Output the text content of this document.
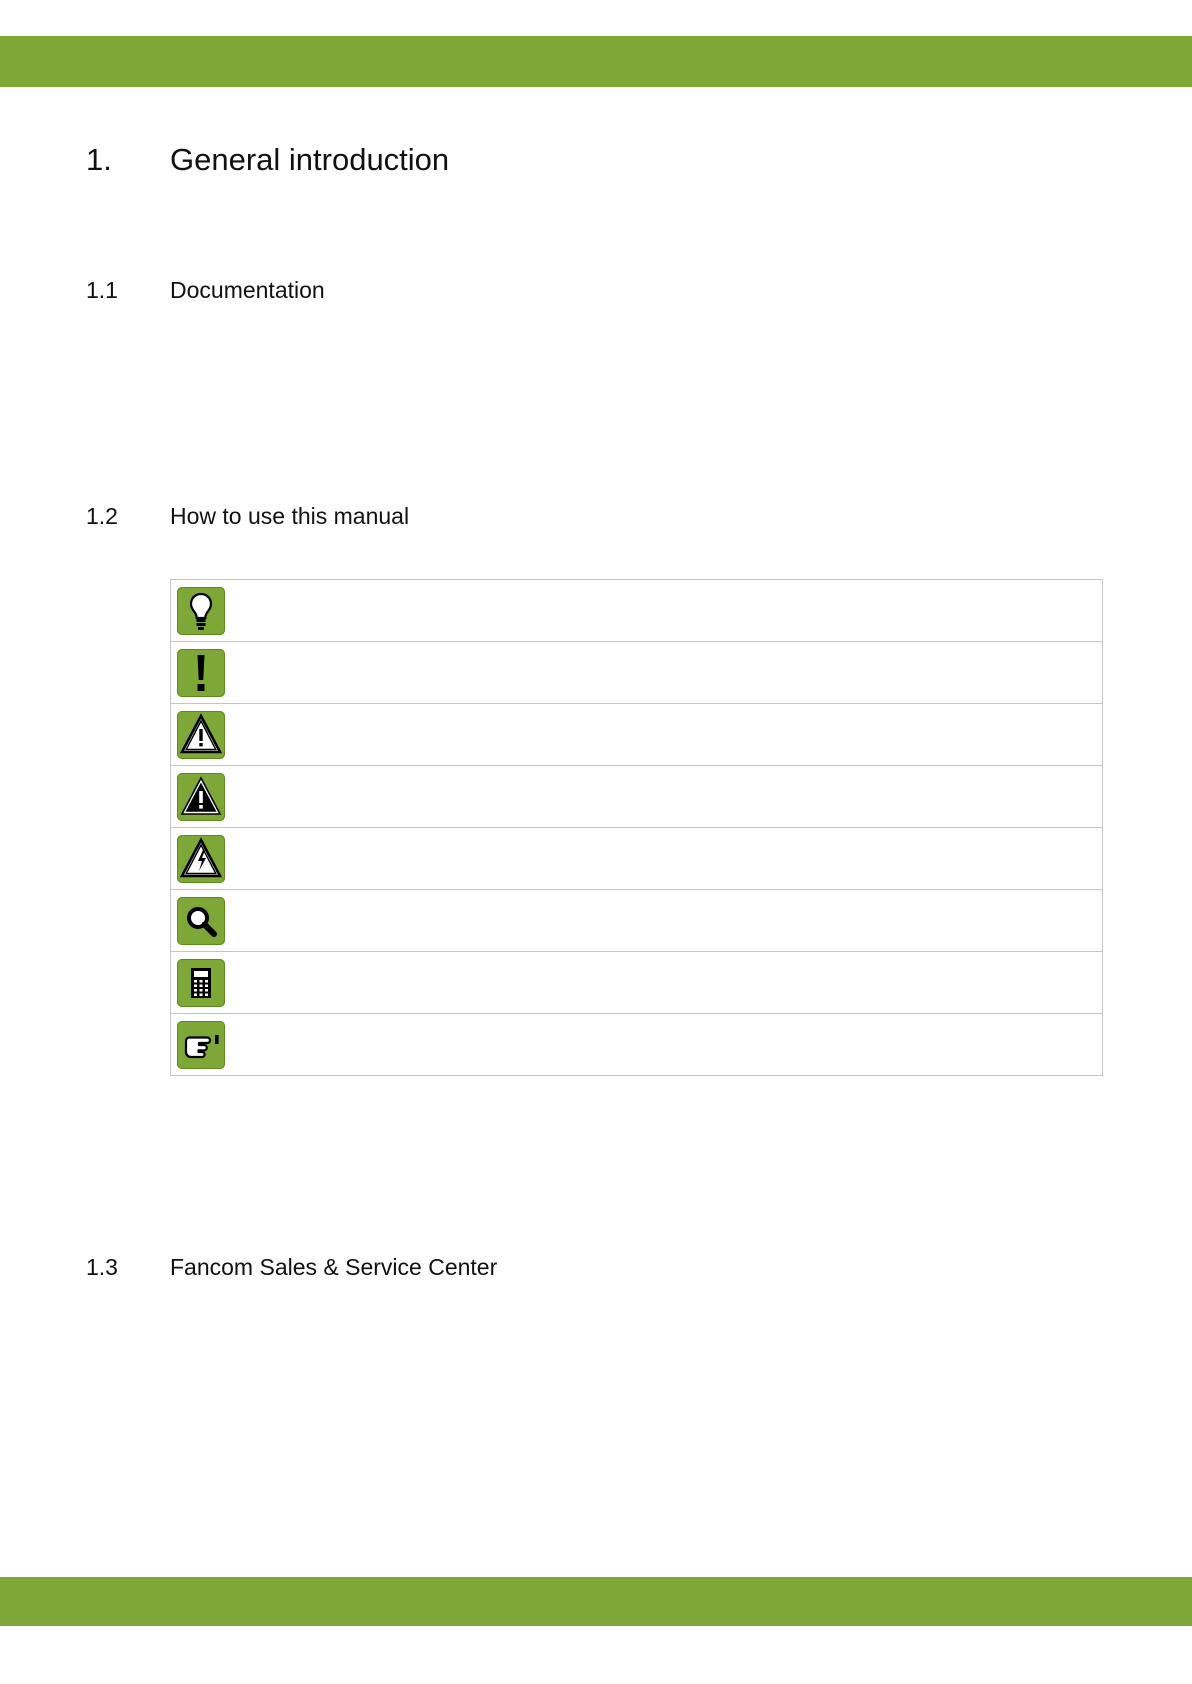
1. General introduction
1.1 Documentation
1.2 How to use this manual

1.3 Fancom Sales & Service Center
